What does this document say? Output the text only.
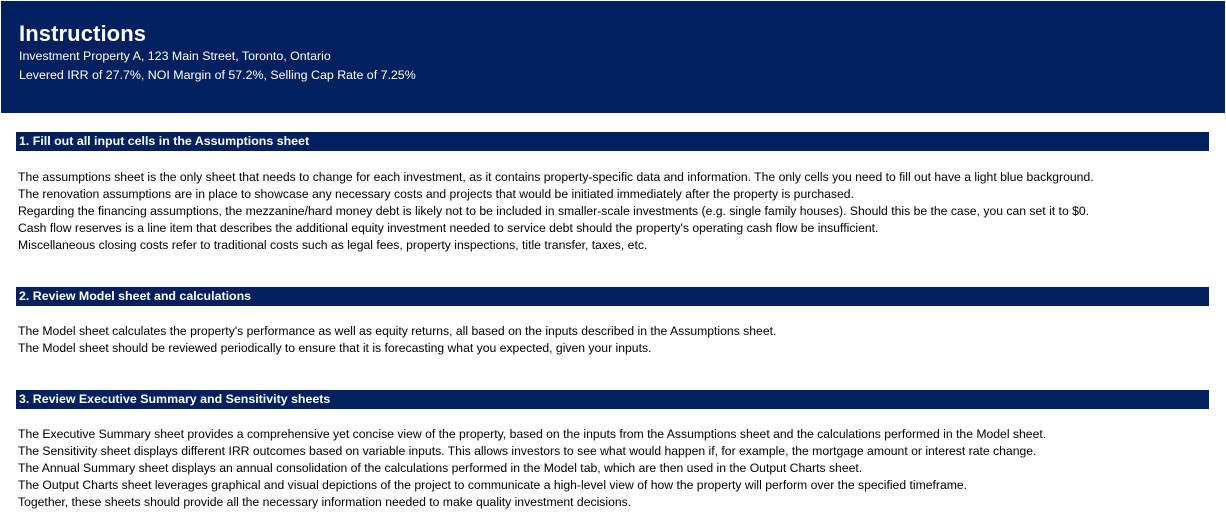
Instructions
Investment Property A, 123 Main Street, Toronto, Ontario
Levered IRR of 27.7%, NOI Margin of 57.2%, Selling Cap Rate of 7.25%
1. Fill out all input cells in the Assumptions sheet
The assumptions sheet is the only sheet that needs to change for each investment, as it contains property-specific data and information. The only cells you need to fill out have a light blue background.
The renovation assumptions are in place to showcase any necessary costs and projects that would be initiated immediately after the property is purchased.
Regarding the financing assumptions, the mezzanine/hard money debt is likely not to be included in smaller-scale investments (e.g. single family houses). Should this be the case, you can set it to $0.
Cash flow reserves is a line item that describes the additional equity investment needed to service debt should the property's operating cash flow be insufficient.
Miscellaneous closing costs refer to traditional costs such as legal fees, property inspections, title transfer, taxes, etc.
2. Review Model sheet and calculations
The Model sheet calculates the property's performance as well as equity returns, all based on the inputs described in the Assumptions sheet.
The Model sheet should be reviewed periodically to ensure that it is forecasting what you expected, given your inputs.
3. Review Executive Summary and Sensitivity sheets
The Executive Summary sheet provides a comprehensive yet concise view of the property, based on the inputs from the Assumptions sheet and the calculations performed in the Model sheet.
The Sensitivity sheet displays different IRR outcomes based on variable inputs. This allows investors to see what would happen if, for example, the mortgage amount or interest rate change.
The Annual Summary sheet displays an annual consolidation of the calculations performed in the Model tab, which are then used in the Output Charts sheet.
The Output Charts sheet leverages graphical and visual depictions of the project to communicate a high-level view of how the property will perform over the specified timeframe.
Together, these sheets should provide all the necessary information needed to make quality investment decisions.
